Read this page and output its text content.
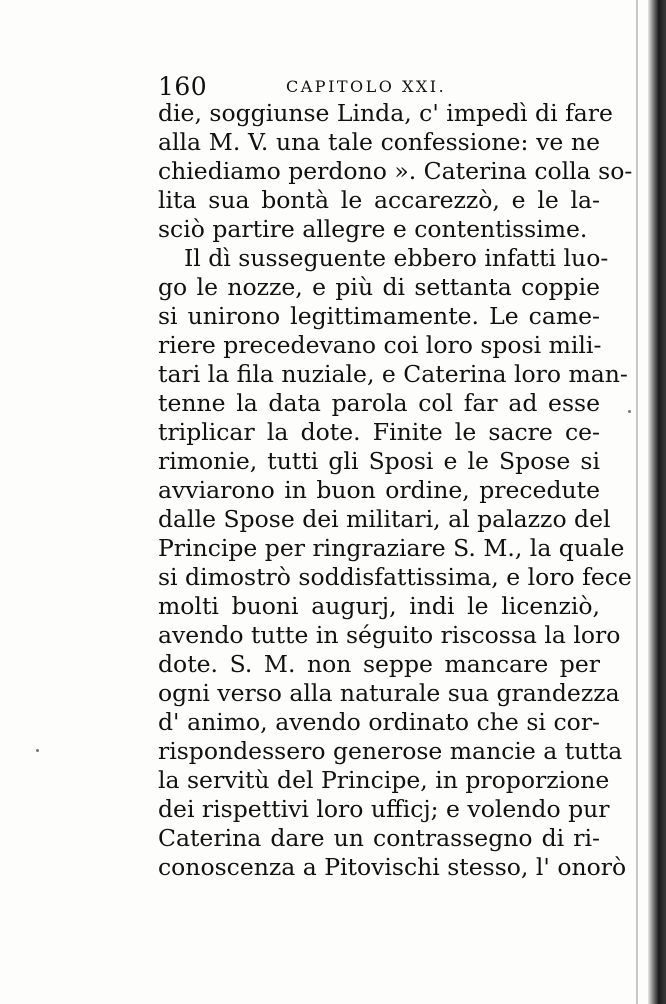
160	CAPITOLO XXI.
die, soggiunse Linda, c' impedì di fare
alla M. V. una tale confessione: ve ne
chiediamo perdono ». Caterina colla so-
lita sua bontà le accarezzò, e le la-
sciò partire allegre e contentissime.
Il dì susseguente ebbero infatti luo-
go le nozze, e più di settanta coppie
si unirono legittimamente. Le came-
riere precedevano coi loro sposi mili-
tari la fila nuziale, e Caterina loro man-
tenne la data parola col far ad esse
triplicar la dote. Finite le sacre ce-
rimonie, tutti gli Sposi e le Spose si
avviarono in buon ordine, precedute
dalle Spose dei militari, al palazzo del
Principe per ringraziare S. M., la quale
si dimostrò soddisfattissima, e loro fece
molti buoni augurj, indi le licenziò,
avendo tutte in séguito riscossa la loro
dote. S. M. non seppe mancare per
ogni verso alla naturale sua grandezza
d' animo, avendo ordinato che si cor-
rispondessero generose mancie a tutta
la servitù del Principe, in proporzione
dei rispettivi loro ufficj; e volendo pur
Caterina dare un contrassegno di ri-
conoscenza a Pitovischi stesso, l' onorò
